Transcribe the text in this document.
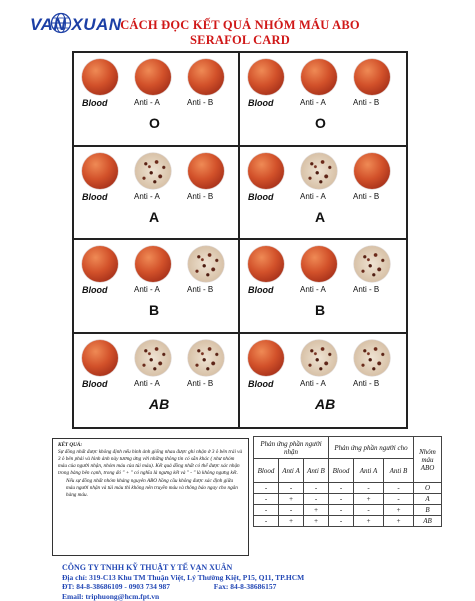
VAN XUAN
CÁCH ĐỌC KẾT QUẢ NHÓM MÁU ABO
SERAFOL CARD
Blood	Anti - A	Anti - B
O
Blood	Anti - A	Anti - B
O
Blood	Anti - A	Anti - B
A
Blood	Anti - A	Anti - B
A
Blood	Anti - A	Anti - B
B
Blood	Anti - A	Anti - B
B
Blood	Anti - A	Anti - B
AB
Blood	Anti - A	Anti - B
AB
KẾT QUẢ:

Sự đồng nhất được không định nếu hình ảnh giống nhau được ghi nhận ở 3 ô bên trái và 3 ô bên phải và hình ảnh này tương ứng với những thông tin có sẵn khác ( như nhóm máu của người nhận, nhóm máu của túi máu). Kết quả đồng nhất có thể được xác nhận trong bảng bên cạnh, trong đó " + " có nghĩa là ngưng kết và " - " là không ngưng kết.

Nếu sự đồng nhất nhóm kháng nguyên ABO hồng cầu không được xác định giữa máu người nhận và túi máu thì không nên truyền máu và thông báo ngay cho ngân hàng máu.

Phản ứng phần người nhận			Phản ứng phần người cho			Nhóm máu ABO
Blood	Anti A	Anti B	Blood	Anti A	Anti B	
-	-	-	-	-	-	O
-	+	-	-	+	-	A
-	-	+	-	-	+	B
-	+	+	-	+	+	AB
CÔNG TY TNHH KỸ THUẬT Y TẾ VẠN XUÂN
Địa chỉ: 319-C13 Khu TM Thuận Việt, Lý Thường Kiệt, P15, Q11, TP.HCM
ĐT: 84-8-38686109 - 0903 734 987	Fax: 84-8-38686157
Email: triphuong@hcm.fpt.vn
